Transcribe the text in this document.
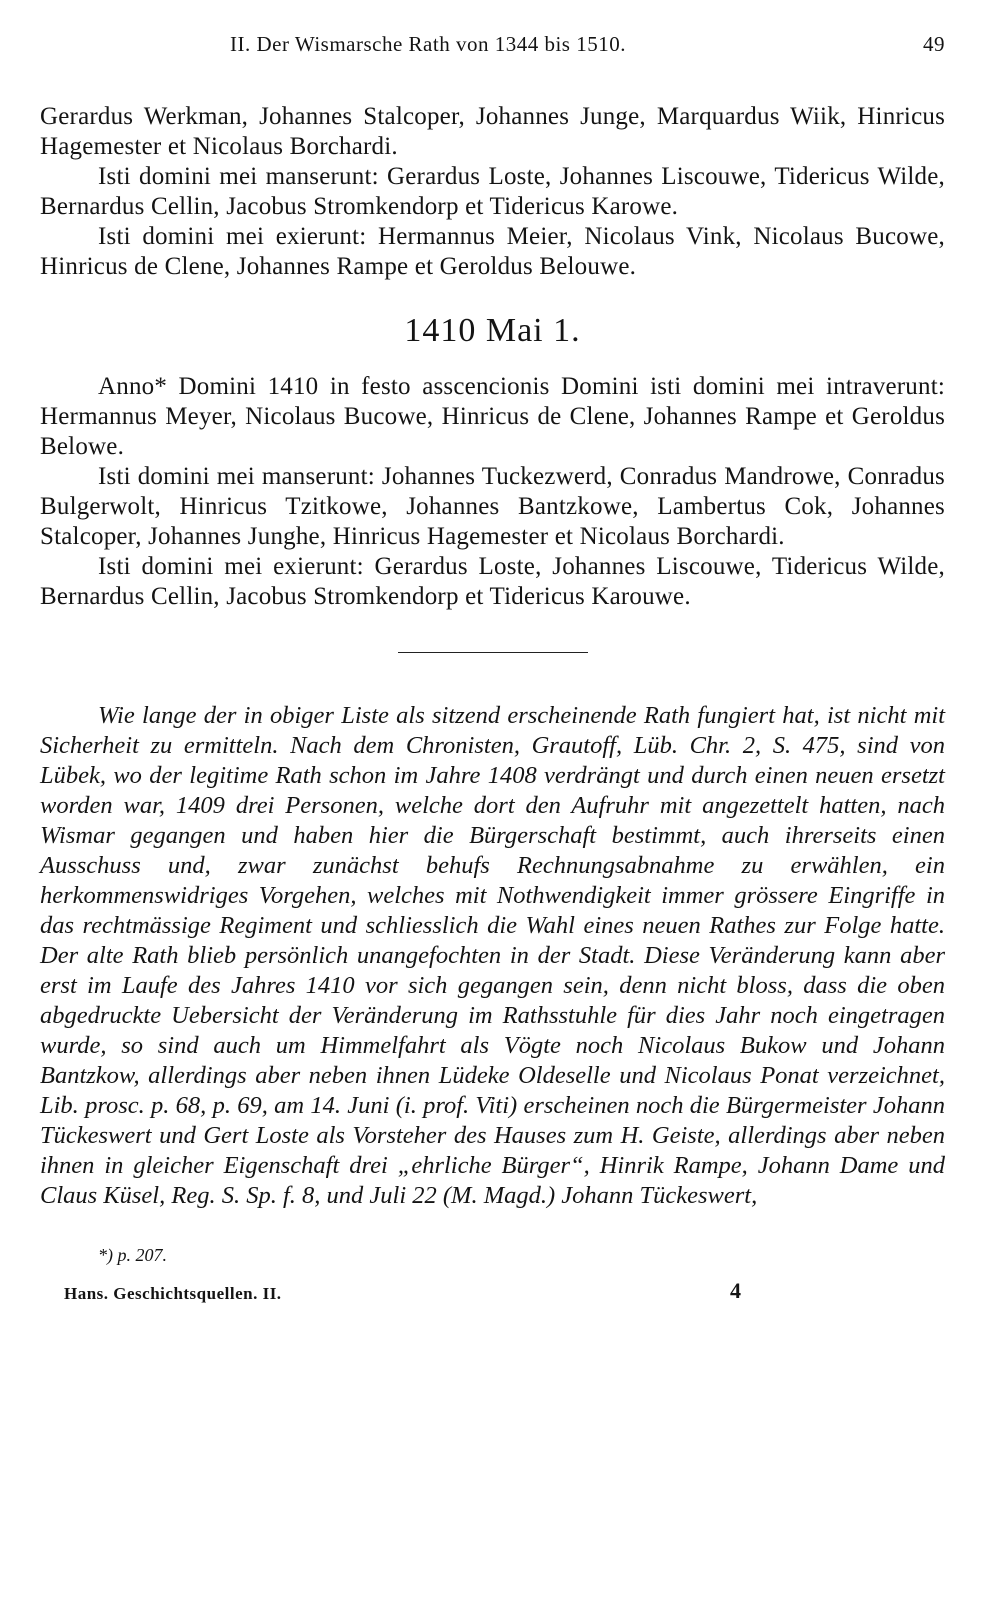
II. Der Wismarsche Rath von 1344 bis 1510.	49

Gerardus Werkman, Johannes Stalcoper, Johannes Junge, Marquardus Wiik, Hinricus Hagemester et Nicolaus Borchardi.

Isti domini mei manserunt: Gerardus Loste, Johannes Liscouwe, Tidericus Wilde, Bernardus Cellin, Jacobus Stromkendorp et Tidericus Karowe.

Isti domini mei exierunt: Hermannus Meier, Nicolaus Vink, Nicolaus Bucowe, Hinricus de Clene, Johannes Rampe et Geroldus Belouwe.

1410 Mai 1.

Anno* Domini 1410 in festo asscencionis Domini isti domini mei intraverunt: Hermannus Meyer, Nicolaus Bucowe, Hinricus de Clene, Johannes Rampe et Geroldus Belowe.

Isti domini mei manserunt: Johannes Tuckezwerd, Conradus Mandrowe, Conradus Bulgerwolt, Hinricus Tzitkowe, Johannes Bantzkowe, Lambertus Cok, Johannes Stalcoper, Johannes Junghe, Hinricus Hagemester et Nicolaus Borchardi.

Isti domini mei exierunt: Gerardus Loste, Johannes Liscouwe, Tidericus Wilde, Bernardus Cellin, Jacobus Stromkendorp et Tidericus Karouwe.

Wie lange der in obiger Liste als sitzend erscheinende Rath fungiert hat, ist nicht mit Sicherheit zu ermitteln. Nach dem Chronisten, Grautoff, Lüb. Chr. 2, S. 475, sind von Lübek, wo der legitime Rath schon im Jahre 1408 verdrängt und durch einen neuen ersetzt worden war, 1409 drei Personen, welche dort den Aufruhr mit angezettelt hatten, nach Wismar gegangen und haben hier die Bürgerschaft bestimmt, auch ihrerseits einen Ausschuss und, zwar zunächst behufs Rechnungsabnahme zu erwählen, ein herkommenswidriges Vorgehen, welches mit Nothwendigkeit immer grössere Eingriffe in das rechtmässige Regiment und schliesslich die Wahl eines neuen Rathes zur Folge hatte. Der alte Rath blieb persönlich unangefochten in der Stadt. Diese Veränderung kann aber erst im Laufe des Jahres 1410 vor sich gegangen sein, denn nicht bloss, dass die oben abgedruckte Uebersicht der Veränderung im Rathsstuhle für dies Jahr noch eingetragen wurde, so sind auch um Himmelfahrt als Vögte noch Nicolaus Bukow und Johann Bantzkow, allerdings aber neben ihnen Lüdeke Oldeselle und Nicolaus Ponat verzeichnet, Lib. prosc. p. 68, p. 69, am 14. Juni (i. prof. Viti) erscheinen noch die Bürgermeister Johann Tückeswert und Gert Loste als Vorsteher des Hauses zum H. Geiste, allerdings aber neben ihnen in gleicher Eigenschaft drei „ehrliche Bürger“, Hinrik Rampe, Johann Dame und Claus Küsel, Reg. S. Sp. f. 8, und Juli 22 (M. Magd.) Johann Tückeswert,

*) p. 207.
Hans. Geschichtsquellen. II.	4
